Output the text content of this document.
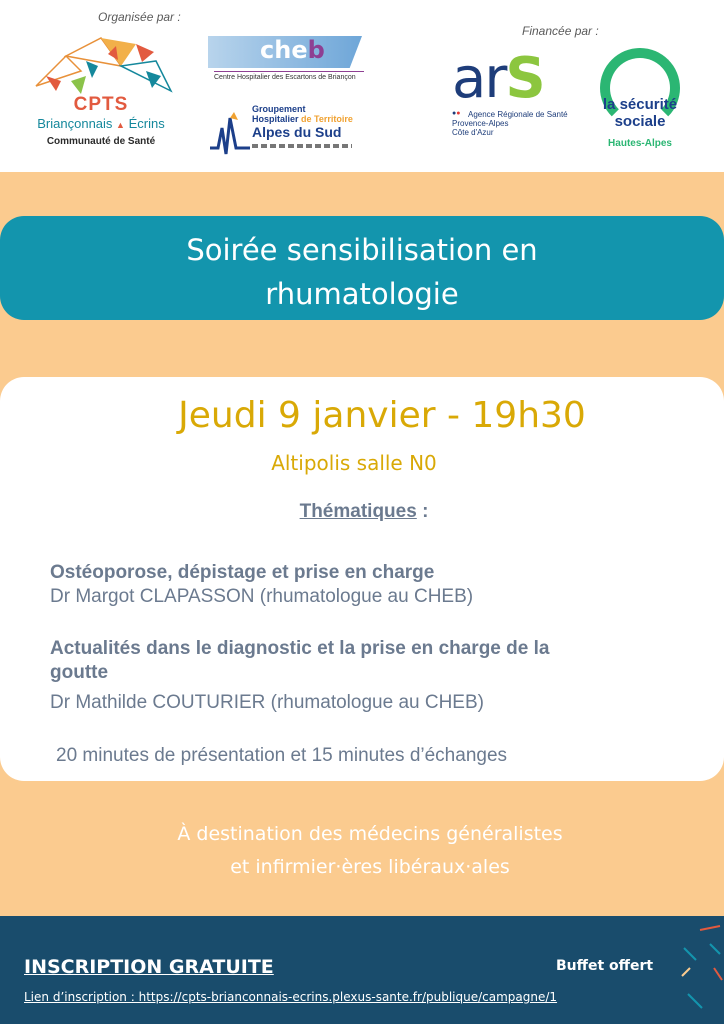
Organisée par :
Financée par :
CPTS
Briançonnais ▲ Écrins
Communauté de Santé
cheb
Centre Hospitalier des Escartons de Briançon
Groupement
Hospitalier de Territoire
Alpes du Sud
arS
Agence Régionale de Santé
Provence-Alpes
Côte d'Azur
●●
la sécurité
sociale
Hautes-Alpes
Soirée sensibilisation en
rhumatologie
Jeudi 9 janvier - 19h30
Altipolis salle N0
Thématiques :
Ostéoporose, dépistage et prise en charge
Dr Margot CLAPASSON (rhumatologue au CHEB)
Actualités dans le diagnostic et la prise en charge de la
goutte
Dr Mathilde COUTURIER (rhumatologue au CHEB)
20 minutes de présentation et 15 minutes d’échanges
À destination des médecins généralistes
et infirmier·ères libéraux·ales
INSCRIPTION GRATUITE	Buffet offert
Lien d’inscription : https://cpts-brianconnais-ecrins.plexus-sante.fr/publique/campagne/1
